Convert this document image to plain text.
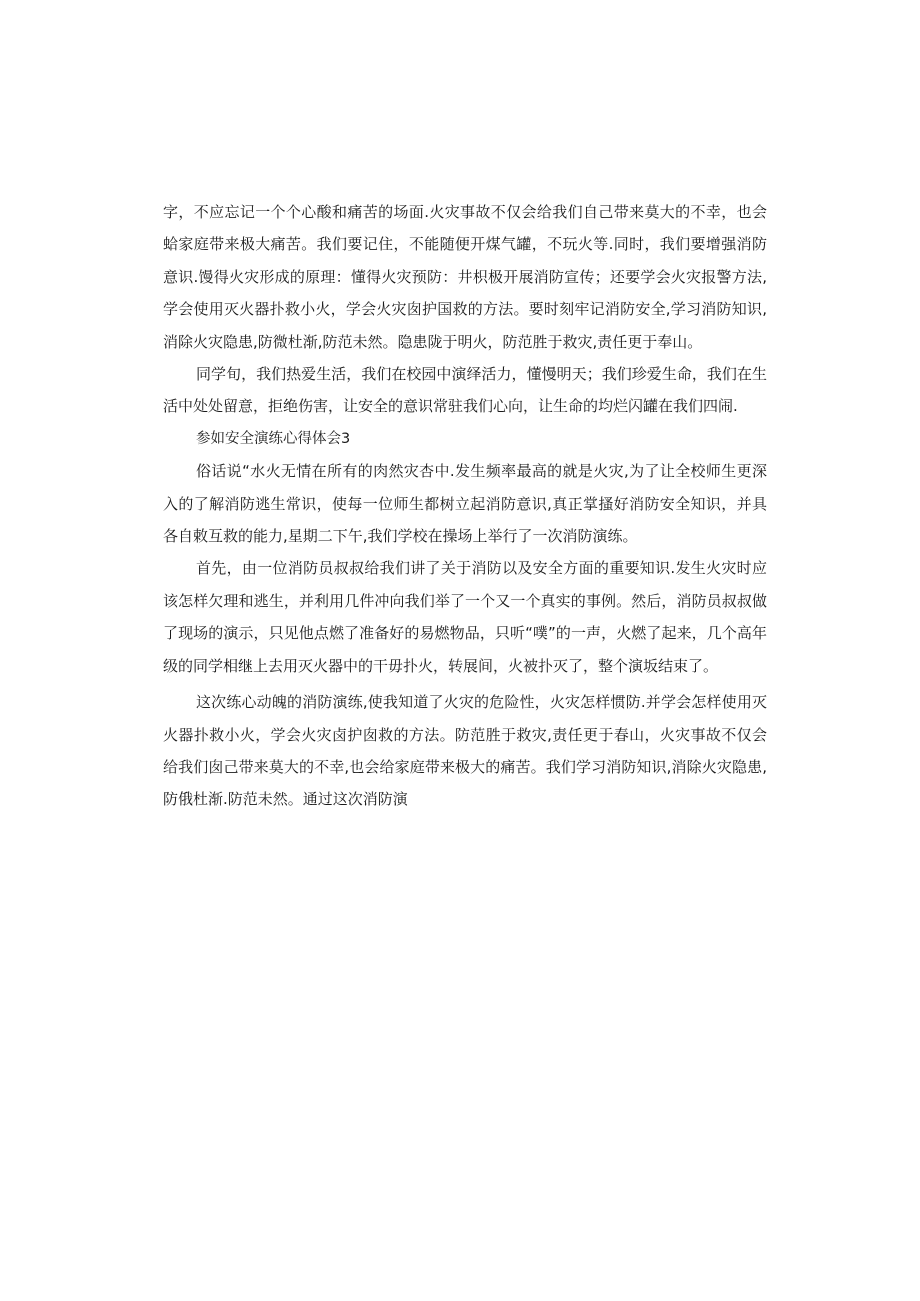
字，不应忘记一个个心酸和痛苦的场面.火灾事故不仅会给我们自己带来莫大的不幸，也会蛤家庭带来极大痛苦。我们要记住，不能随便开煤气罐，不玩火等.同时，我们要增强消防意识.馒得火灾形成的原理：懂得火灾预防：井枳极开展消防宣传；还要学会火灾报警方法,学会使用灭火器扑救小火，学会火灾囱护国救的方法。要时刻牢记消防安全,学习消防知识,消除火灾隐患,防微杜渐,防范未然。隐患陇于明火，防范胜于救灾,责任更于奉山。

同学旬，我们热爱生活，我们在校园中演绎活力，懂慢明天；我们珍爱生命，我们在生活中处处留意，拒绝伤害，让安全的意识常驻我们心向，让生命的均烂闪罐在我们四闹.

参如安全演练心得体会3

俗话说“水火无情在所有的肉然灾杏中.发生频率最高的就是火灾,为了让全校师生更深入的了解消防逃生常识，使每一位师生都树立起消防意识,真正掌搔好消防安全知识，并具各自敕互救的能力,星期二下午,我们学校在操场上举行了一次消防演练。

首先，由一位消防员叔叔给我们讲了关于消防以及安全方面的重要知识.发生火灾时应该怎样欠理和逃生，并利用几件冲向我们举了一个又一个真实的事例。然后，消防员叔叔做了现场的演示，只见他点燃了准备好的易燃物品，只听“噗”的一声，火燃了起来，几个高年级的同学相继上去用灭火器中的干毋扑火，转展间，火被扑灭了，整个演坂结束了。

这次练心动魄的消防演练,使我知道了火灾的危险性，火灾怎样惯防.并学会怎样使用灭火器扑救小火，学会火灾卤护囱救的方法。防范胜于救灾,责任更于春山，火灾事故不仅会给我们囱己带来莫大的不幸,也会给家庭带来极大的痛苦。我们学习消防知识,消除火灾隐患,防俄杜渐.防范未然。通过这次消防演
